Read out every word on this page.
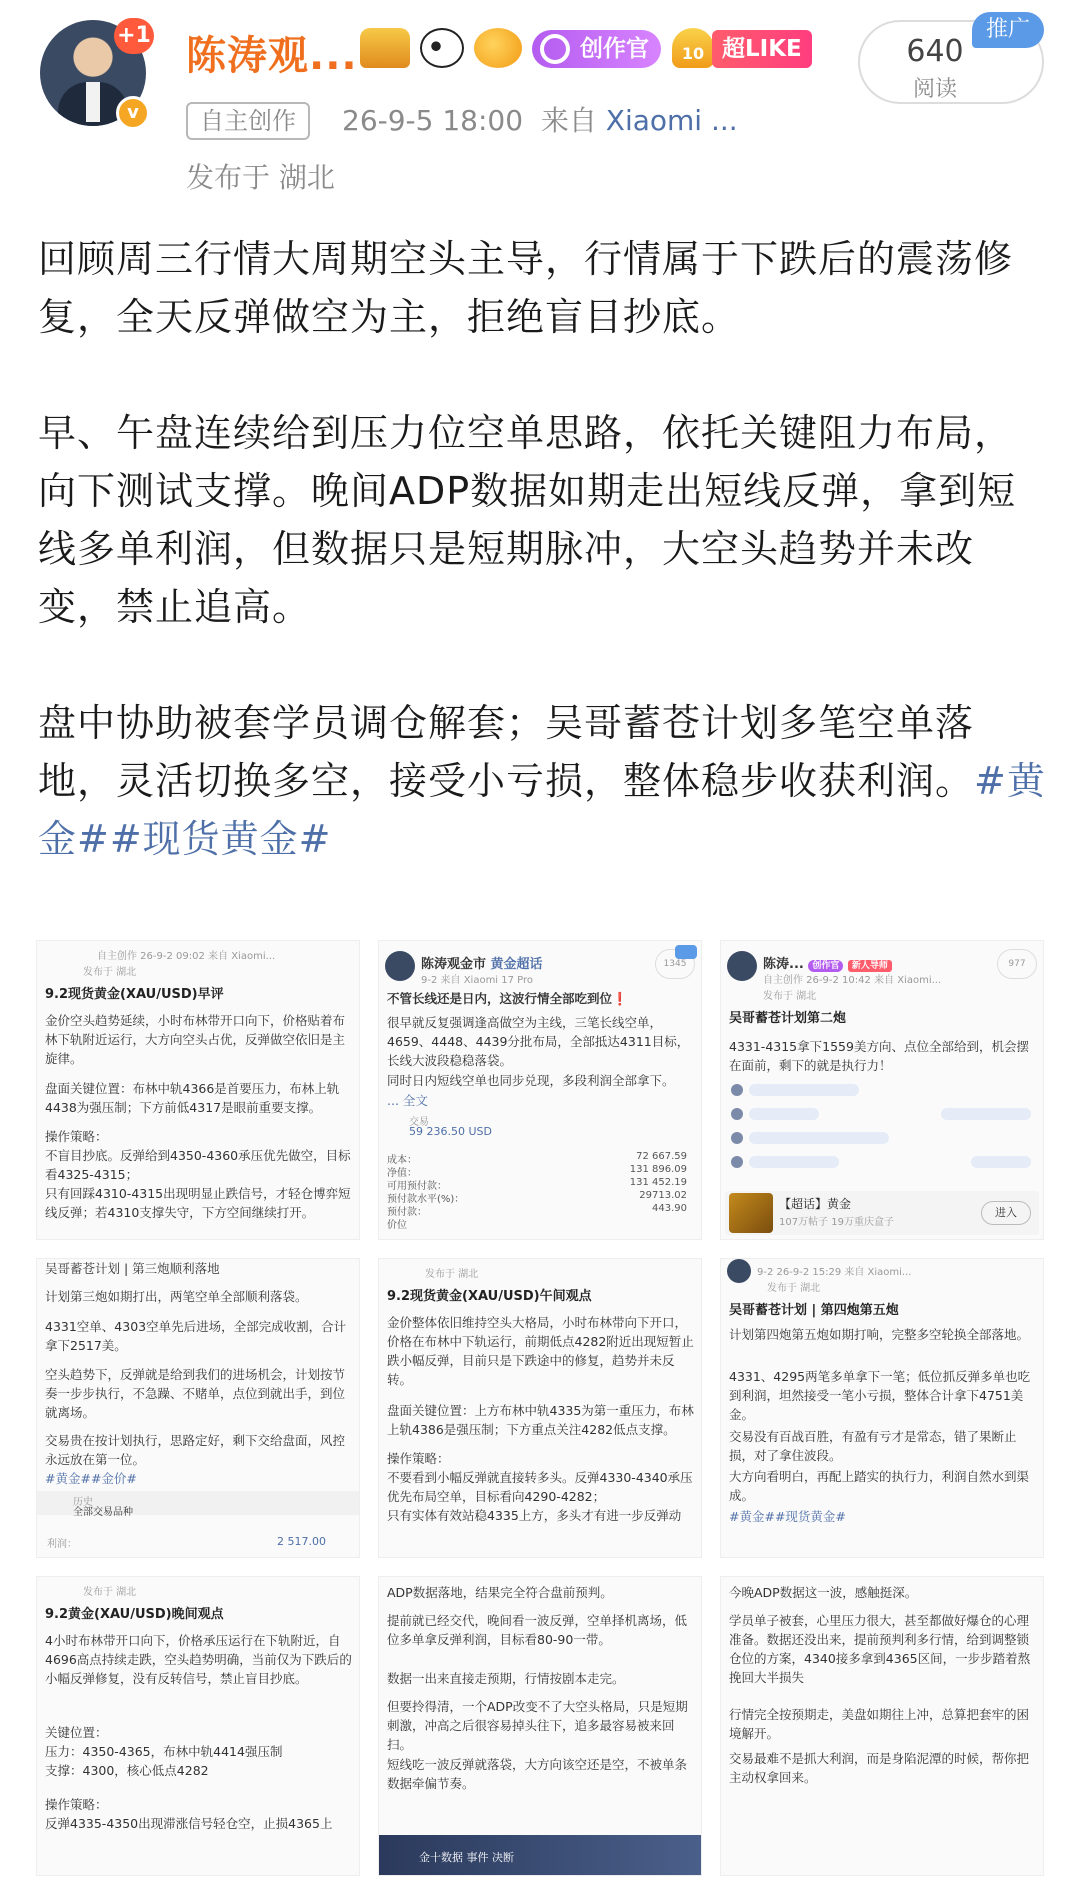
+1
v
陈涛观...	创作官	10 超LIKE
自主创作	26-9-5 18:00 来自 Xiaomi ...
发布于 湖北
640
阅读
推广

回顾周三行情大周期空头主导，行情属于下跌后的震荡修复，全天反弹做空为主，拒绝盲目抄底。

早、午盘连续给到压力位空单思路，依托关键阻力布局，向下测试支撑。晚间ADP数据如期走出短线反弹，拿到短线多单利润，但数据只是短期脉冲，大空头趋势并未改变，禁止追高。

盘中协助被套学员调仓解套；吴哥蓄苍计划多笔空单落地，灵活切换多空，接受小亏损，整体稳步收获利润。#黄金##现货黄金#

自主创作 26-9-2 09:02 来自 Xiaomi...
发布于 湖北
9.2现货黄金(XAU/USD)早评
金价空头趋势延续，小时布林带开口向下，价格贴着布林下轨附近运行，大方向空头占优，反弹做空依旧是主旋律。
盘面关键位置：布林中轨4366是首要压力，布林上轨4438为强压制；下方前低4317是眼前重要支撑。
操作策略：
不盲目抄底。反弹给到4350-4360承压优先做空，目标看4325-4315；
只有回踩4310-4315出现明显止跌信号，才轻仓博弈短线反弹；若4310支撑失守，下方空间继续打开。
陈涛观金市 黄金超话
9-2 来自 Xiaomi 17 Pro
1345
不管长线还是日内，这波行情全部吃到位❗
很早就反复强调逢高做空为主线，三笔长线空单，4659、4448、4439分批布局，全部抵达4311目标，长线大波段稳稳落袋。
同时日内短线空单也同步兑现，多段利润全部拿下。
... 全文
交易
59 236.50 USD
成本：	72 667.59
净值：	131 896.09
可用预付款：	131 452.19
预付款水平(%)：	29713.02
预付款：	443.90
价位
陈涛... 创作官 新人导师
自主创作 26-9-2 10:42 来自 Xiaomi...
发布于 湖北
977
吴哥蓄苍计划第二炮
4331-4315拿下1559美方向、点位全部给到，机会摆在面前，剩下的就是执行力！
【超话】黄金
107万帖子 19万重庆盒子
进入
吴哥蓄苍计划 | 第三炮顺利落地
计划第三炮如期打出，两笔空单全部顺利落袋。
4331空单、4303空单先后进场，全部完成收割，合计拿下2517美。
空头趋势下，反弹就是给到我们的进场机会，计划按节奏一步步执行，不急躁、不赌单，点位到就出手，到位就离场。
交易贵在按计划执行，思路定好，剩下交给盘面，风控永远放在第一位。
#黄金##金价#
历史
全部交易品种
利润：	2 517.00
发布于 湖北
9.2现货黄金(XAU/USD)午间观点
金价整体依旧维持空头大格局，小时布林带向下开口，价格在布林中下轨运行，前期低点4282附近出现短暂止跌小幅反弹，目前只是下跌途中的修复，趋势并未反转。
盘面关键位置：上方布林中轨4335为第一重压力，布林上轨4386是强压制；下方重点关注4282低点支撑。
操作策略：
不要看到小幅反弹就直接转多头。反弹4330-4340承压优先布局空单，目标看向4290-4282；
只有实体有效站稳4335上方，多头才有进一步反弹动
9-2 26-9-2 15:29 来自 Xiaomi...
发布于 湖北
吴哥蓄苍计划 | 第四炮第五炮
计划第四炮第五炮如期打响，完整多空轮换全部落地。
4331、4295两笔多单拿下一笔；低位抓反弹多单也吃到利润，坦然接受一笔小亏损，整体合计拿下4751美金。
交易没有百战百胜，有盈有亏才是常态，错了果断止损，对了拿住波段。
大方向看明白，再配上踏实的执行力，利润自然水到渠成。
#黄金##现货黄金#
发布于 湖北
9.2黄金(XAU/USD)晚间观点
4小时布林带开口向下，价格承压运行在下轨附近，自4696高点持续走跌，空头趋势明确，当前仅为下跌后的小幅反弹修复，没有反转信号，禁止盲目抄底。
关键位置：
压力：4350-4365，布林中轨4414强压制
支撑：4300，核心低点4282
操作策略：
反弹4335-4350出现滞涨信号轻仓空，止损4365上
ADP数据落地，结果完全符合盘前预判。
提前就已经交代，晚间看一波反弹，空单择机离场，低位多单拿反弹利润，目标看80-90一带。
数据一出来直接走预期，行情按剧本走完。
但要拎得清，一个ADP改变不了大空头格局，只是短期刺激，冲高之后很容易掉头往下，追多最容易被来回扫。
短线吃一波反弹就落袋，大方向该空还是空，不被单条数据牵偏节奏。
金十数据 事件 决断
今晚ADP数据这一波，感触挺深。
学员单子被套，心里压力很大，甚至都做好爆仓的心理准备。数据还没出来，提前预判利多行情，给到调整锁仓位的方案，4340接多拿到4365区间，一步步踏着熬挽回大半损失
行情完全按预期走，美盘如期往上冲，总算把套牢的困境解开。
交易最难不是抓大利润，而是身陷泥潭的时候，帮你把主动权拿回来。
